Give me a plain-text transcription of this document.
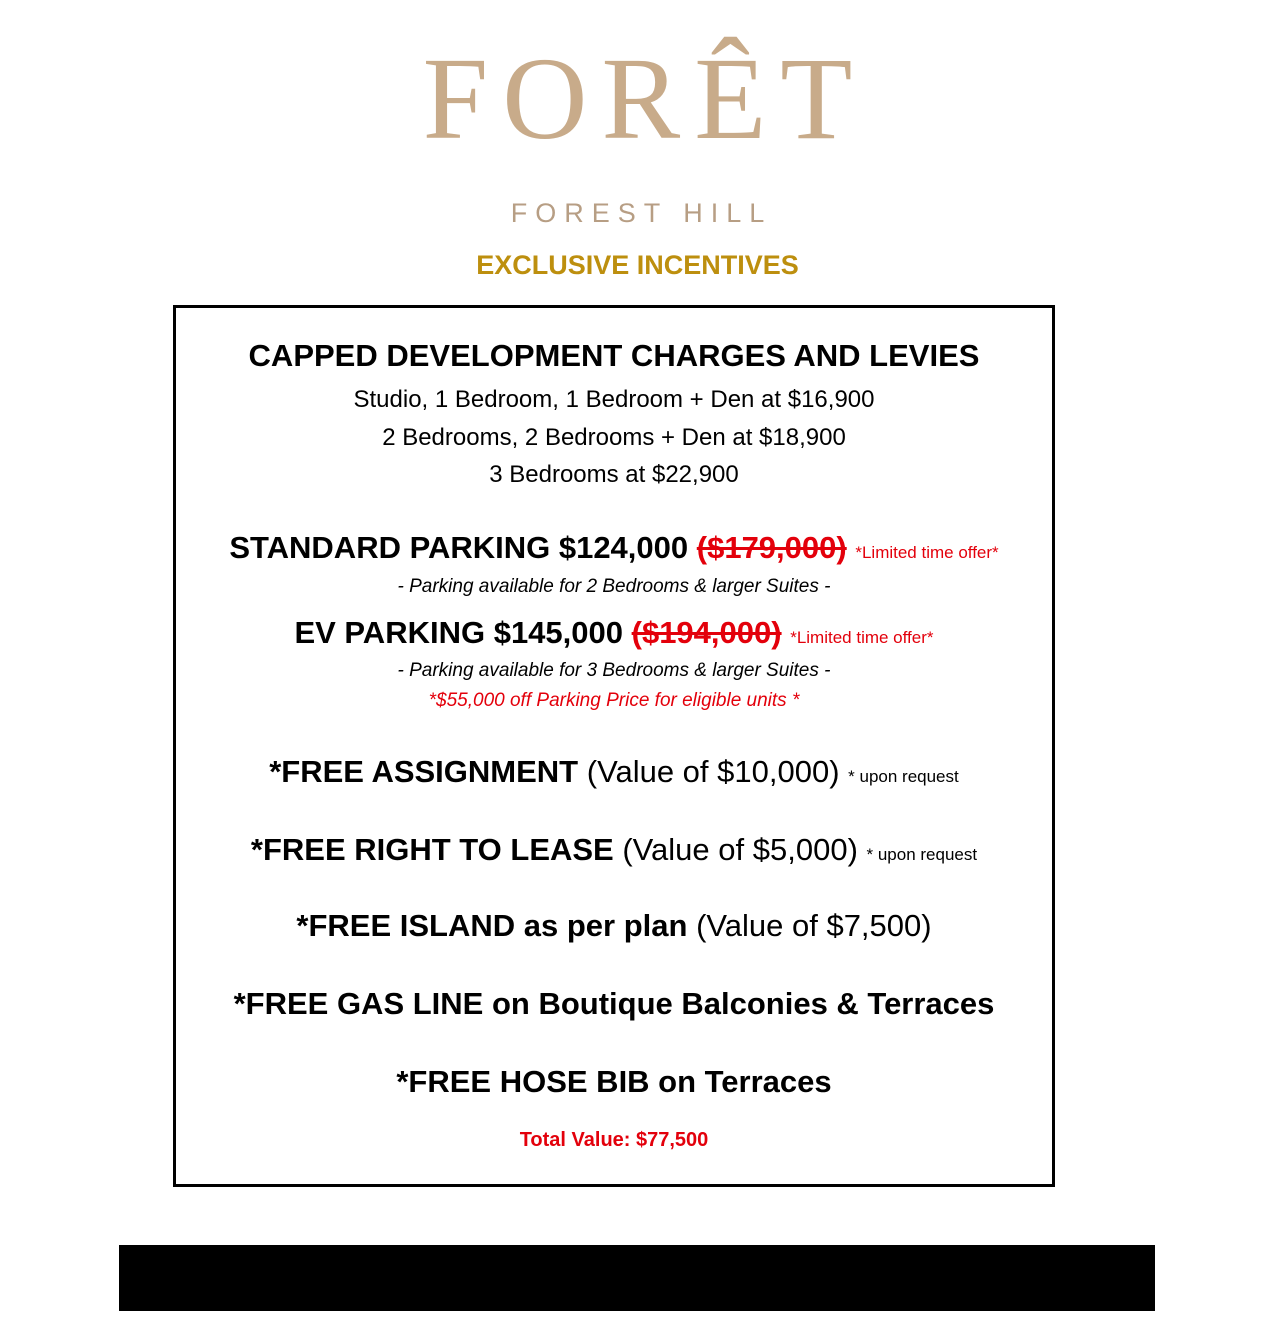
FORÊT
FOREST HILL
EXCLUSIVE INCENTIVES
CAPPED DEVELOPMENT CHARGES AND LEVIES
Studio, 1 Bedroom, 1 Bedroom + Den at $16,900
2 Bedrooms, 2 Bedrooms + Den at $18,900
3 Bedrooms at $22,900
STANDARD PARKING $124,000 ($179,000) *Limited time offer*
- Parking available for 2 Bedrooms & larger Suites -
EV PARKING $145,000 ($194,000) *Limited time offer*
- Parking available for 3 Bedrooms & larger Suites -
*$55,000 off Parking Price for eligible units *
*FREE ASSIGNMENT (Value of $10,000) * upon request
*FREE RIGHT TO LEASE (Value of $5,000) * upon request
*FREE ISLAND as per plan (Value of $7,500)
*FREE GAS LINE on Boutique Balconies & Terraces
*FREE HOSE BIB on Terraces
Total Value: $77,500
